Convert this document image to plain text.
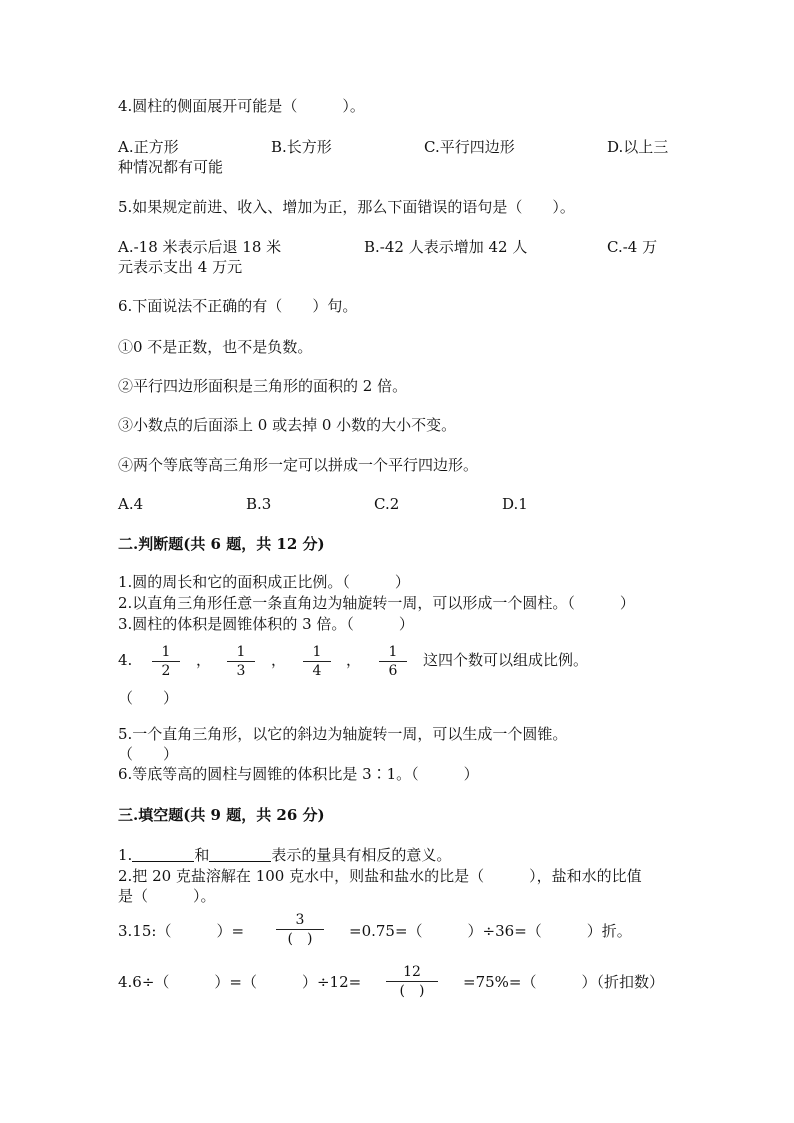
4.圆柱的侧面展开可能是（　　　）。
A.正方形	B.长方形	C.平行四边形	D.以上三
种情况都有可能
5.如果规定前进、收入、增加为正，那么下面错误的语句是（　　）。
A.-18 米表示后退 18 米	B.-42 人表示增加 42 人	C.-4 万
元表示支出 4 万元
6.下面说法不正确的有（　　）句。
①0 不是正数，也不是负数。
②平行四边形面积是三角形的面积的 2 倍。
③小数点的后面添上 0 或去掉 0 小数的大小不变。
④两个等底等高三角形一定可以拼成一个平行四边形。
A.4	B.3	C.2	D.1
二.判断题(共 6 题，共 12 分)
1.圆的周长和它的面积成正比例。（　　　）
2.以直角三角形任意一条直角边为轴旋转一周，可以形成一个圆柱。（　　　）
3.圆柱的体积是圆锥体积的 3 倍。（　　　）
4.	1
2
，	1
3
，	1
4
，	1
6
这四个数可以组成比例。
（　　）
5.一个直角三角形，以它的斜边为轴旋转一周，可以生成一个圆锥。
（　　）
6.等底等高的圆柱与圆锥的体积比是 3∶1。（　　　）
三.填空题(共 9 题，共 26 分)
1.	和	表示的量具有相反的意义。
2.把 20 克盐溶解在 100 克水中，则盐和盐水的比是（　　　），盐和水的比值
是（　　　）。
3.15:（　　　）=
3
(　)	=0.75=（　　　）÷36=（　　　）折。
4.6÷（　　　）=（　　　）÷12=
12
(　)	=75%=（　　　）（折扣数）
